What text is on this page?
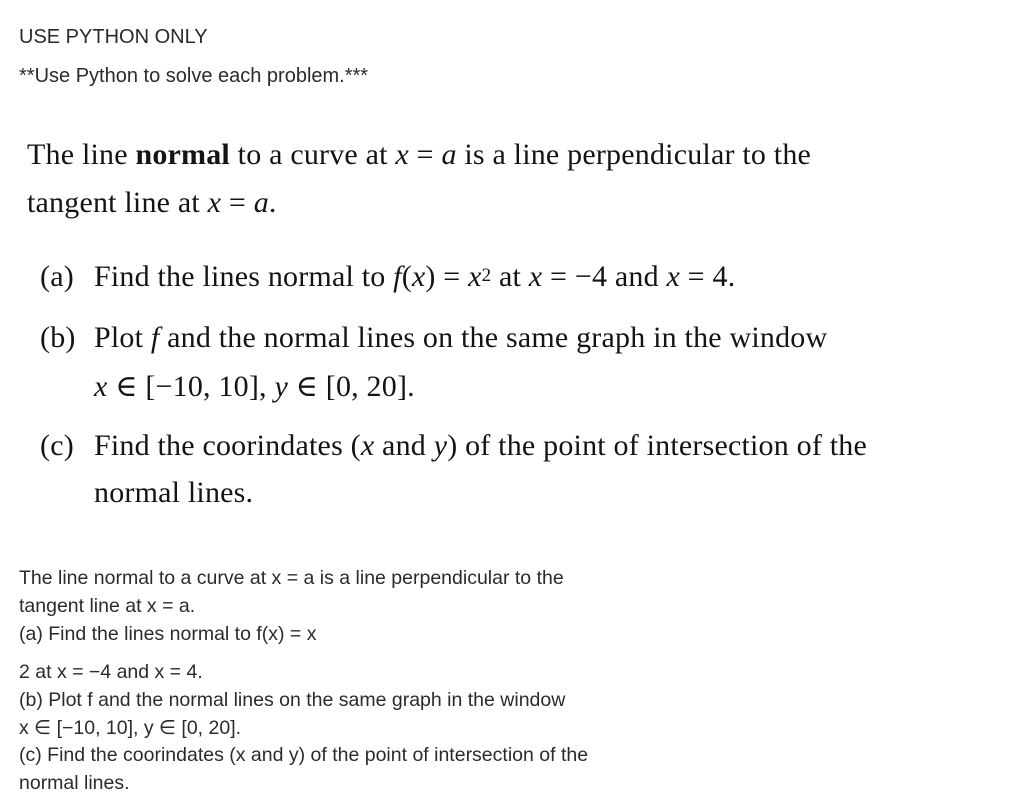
USE PYTHON ONLY
**Use Python to solve each problem.***
The line normal to a curve at x = a is a line perpendicular to the
tangent line at x = a.
(a) Find the lines normal to $f(x) = x^2$ at x = −4 and x = 4.
(b) Plot f and the normal lines on the same graph in the window
x ∈ [−10, 10], y ∈ [0, 20].
(c) Find the coorindates (x and y) of the point of intersection of the
normal lines.
The line normal to a curve at x = a is a line perpendicular to the
tangent line at x = a.
(a) Find the lines normal to f(x) = x
2 at x = −4 and x = 4.
(b) Plot f and the normal lines on the same graph in the window
x ∈ [−10, 10], y ∈ [0, 20].
(c) Find the coorindates (x and y) of the point of intersection of the
normal lines.
